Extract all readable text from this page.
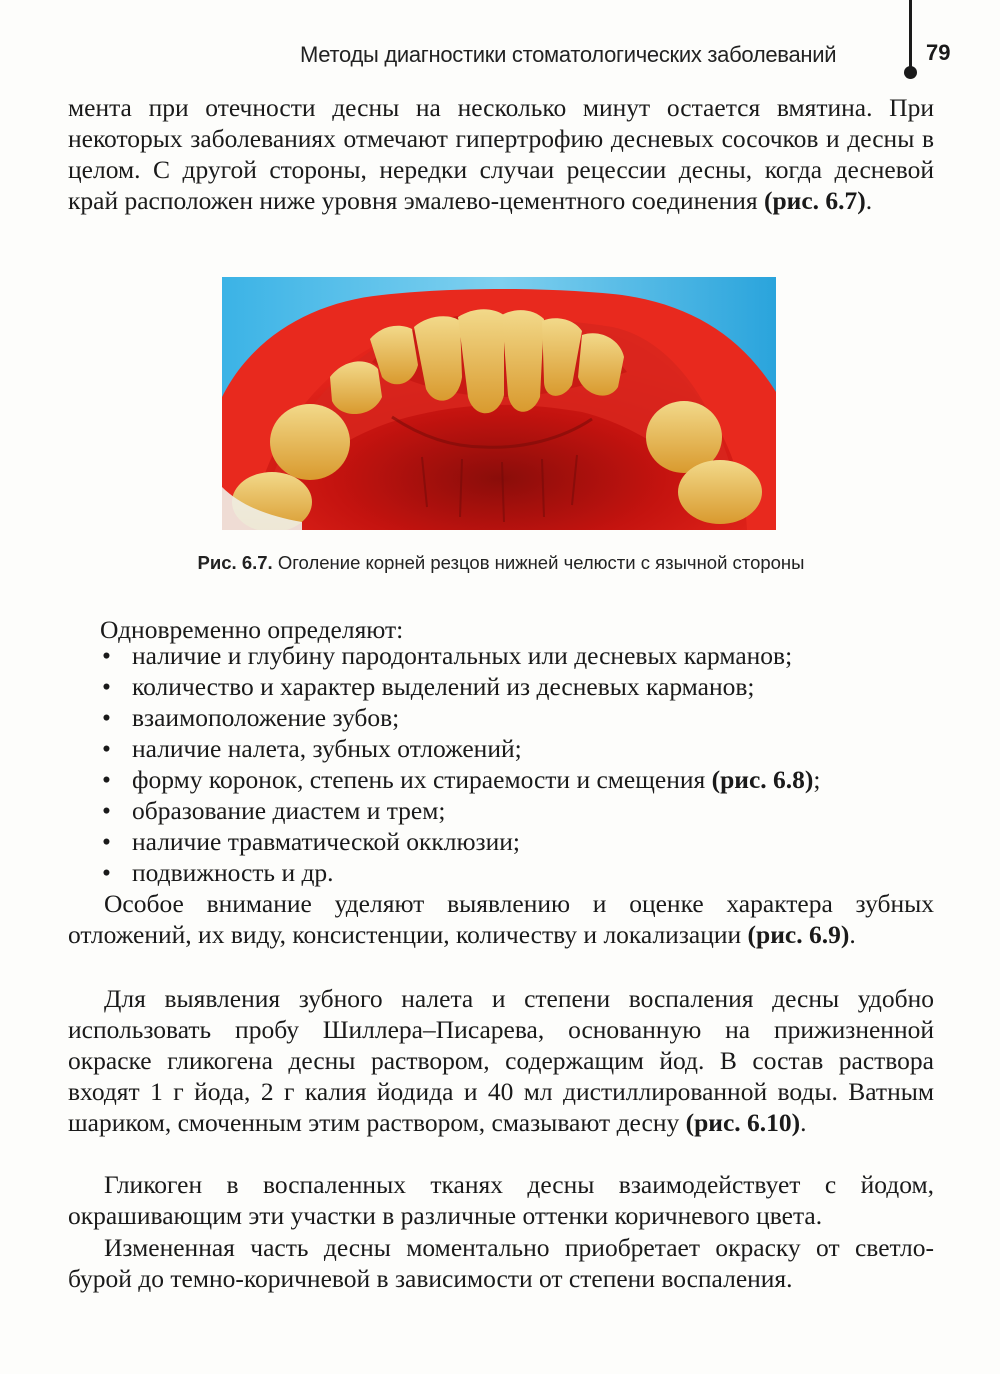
Методы диагностики стоматологических заболеваний	79

мента при отечности десны на несколько минут остается вмятина. При некоторых заболеваниях отмечают гипертрофию десневых сосочков и десны в целом. С другой стороны, нередки случаи рецессии десны, когда десневой край расположен ниже уровня эмалево-цементного соединения (рис. 6.7).

Рис. 6.7. Оголение корней резцов нижней челюсти с язычной стороны

Одновременно определяют:

• наличие и глубину пародонтальных или десневых карманов;
• количество и характер выделений из десневых карманов;
• взаимоположение зубов;
• наличие налета, зубных отложений;
• форму коронок, степень их стираемости и смещения (рис. 6.8);
• образование диастем и трем;
• наличие травматической окклюзии;
• подвижность и др.

Особое внимание уделяют выявлению и оценке характера зубных отложений, их виду, консистенции, количеству и локализации (рис. 6.9).

Для выявления зубного налета и степени воспаления десны удобно использовать пробу Шиллера–Писарева, основанную на прижизненной окраске гликогена десны раствором, содержащим йод. В состав раствора входят 1 г йода, 2 г калия йодида и 40 мл дистиллированной воды. Ватным шариком, смоченным этим раствором, смазывают десну (рис. 6.10).

Гликоген в воспаленных тканях десны взаимодействует с йодом, окрашивающим эти участки в различные оттенки коричневого цвета.

Измененная часть десны моментально приобретает окраску от светло-бурой до темно-коричневой в зависимости от степени воспаления.
